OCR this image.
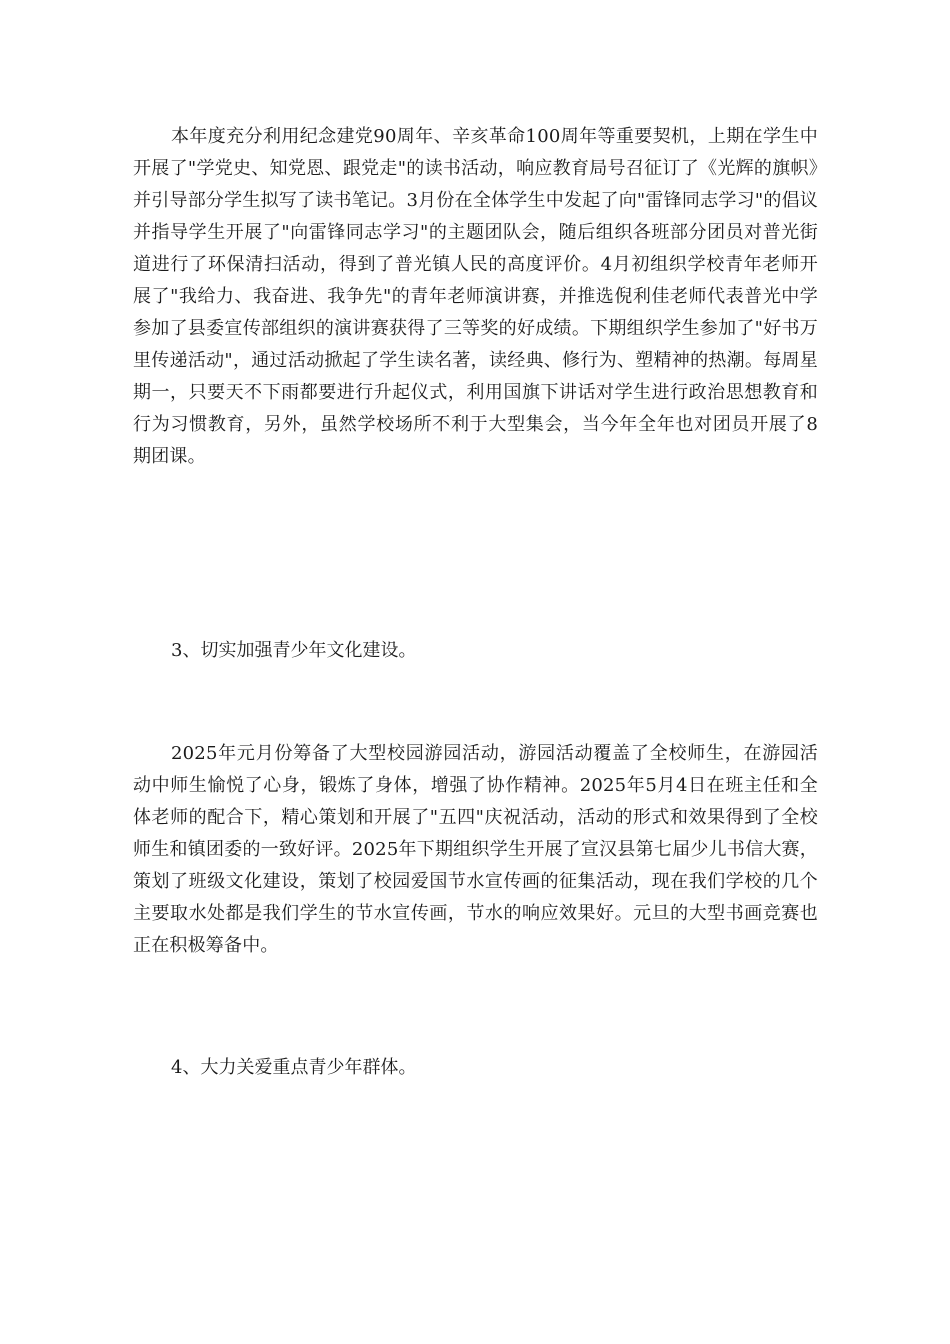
本年度充分利用纪念建党90周年、辛亥革命100周年等重要契机，上期在学生中开展了"学党史、知党恩、跟党走"的读书活动，响应教育局号召征订了《光辉的旗帜》并引导部分学生拟写了读书笔记。3月份在全体学生中发起了向"雷锋同志学习"的倡议并指导学生开展了"向雷锋同志学习"的主题团队会，随后组织各班部分团员对普光街道进行了环保清扫活动，得到了普光镇人民的高度评价。4月初组织学校青年老师开展了"我给力、我奋进、我争先"的青年老师演讲赛，并推选倪利佳老师代表普光中学参加了县委宣传部组织的演讲赛获得了三等奖的好成绩。下期组织学生参加了"好书万里传递活动"，通过活动掀起了学生读名著，读经典、修行为、塑精神的热潮。每周星期一，只要天不下雨都要进行升起仪式，利用国旗下讲话对学生进行政治思想教育和行为习惯教育，另外，虽然学校场所不利于大型集会，当今年全年也对团员开展了8期团课。

3、切实加强青少年文化建设。

2025年元月份筹备了大型校园游园活动，游园活动覆盖了全校师生，在游园活动中师生愉悦了心身，锻炼了身体，增强了协作精神。2025年5月4日在班主任和全体老师的配合下，精心策划和开展了"五四"庆祝活动，活动的形式和效果得到了全校师生和镇团委的一致好评。2025年下期组织学生开展了宣汉县第七届少儿书信大赛，策划了班级文化建设，策划了校园爱国节水宣传画的征集活动，现在我们学校的几个主要取水处都是我们学生的节水宣传画，节水的响应效果好。元旦的大型书画竞赛也正在积极筹备中。

4、大力关爱重点青少年群体。
